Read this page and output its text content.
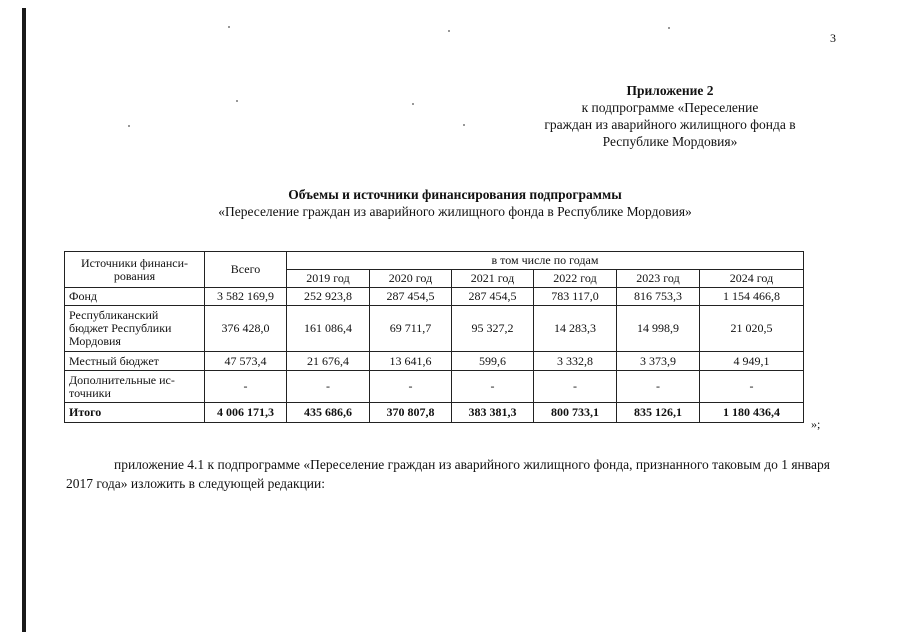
3
Приложение 2
к подпрограмме «Переселение
граждан из аварийного жилищного фонда в
Республике Мордовия»
Объемы и источники финансирования подпрограммы
«Переселение граждан из аварийного жилищного фонда в Республике Мордовия»
Источники финанси-рования	Всего	в том числе по годам					
		2019 год	2020 год	2021 год	2022 год	2023 год	2024 год
Фонд	3 582 169,9	252 923,8	287 454,5	287 454,5	783 117,0	816 753,3	1 154 466,8
Республиканский бюджет Республики Мордовия	376 428,0	161 086,4	69 711,7	95 327,2	14 283,3	14 998,9	21 020,5
Местный бюджет	47 573,4	21 676,4	13 641,6	599,6	3 332,8	3 373,9	4 949,1
Дополнительные ис-точники	-	-	-	-	-	-	-
Итого	4 006 171,3	435 686,6	370 807,8	383 381,3	800 733,1	835 126,1	1 180 436,4
»;
приложение 4.1 к подпрограмме «Переселение граждан из аварийного жилищного фонда, признанного таковым до 1 января 2017 года» изложить в следующей редакции:
